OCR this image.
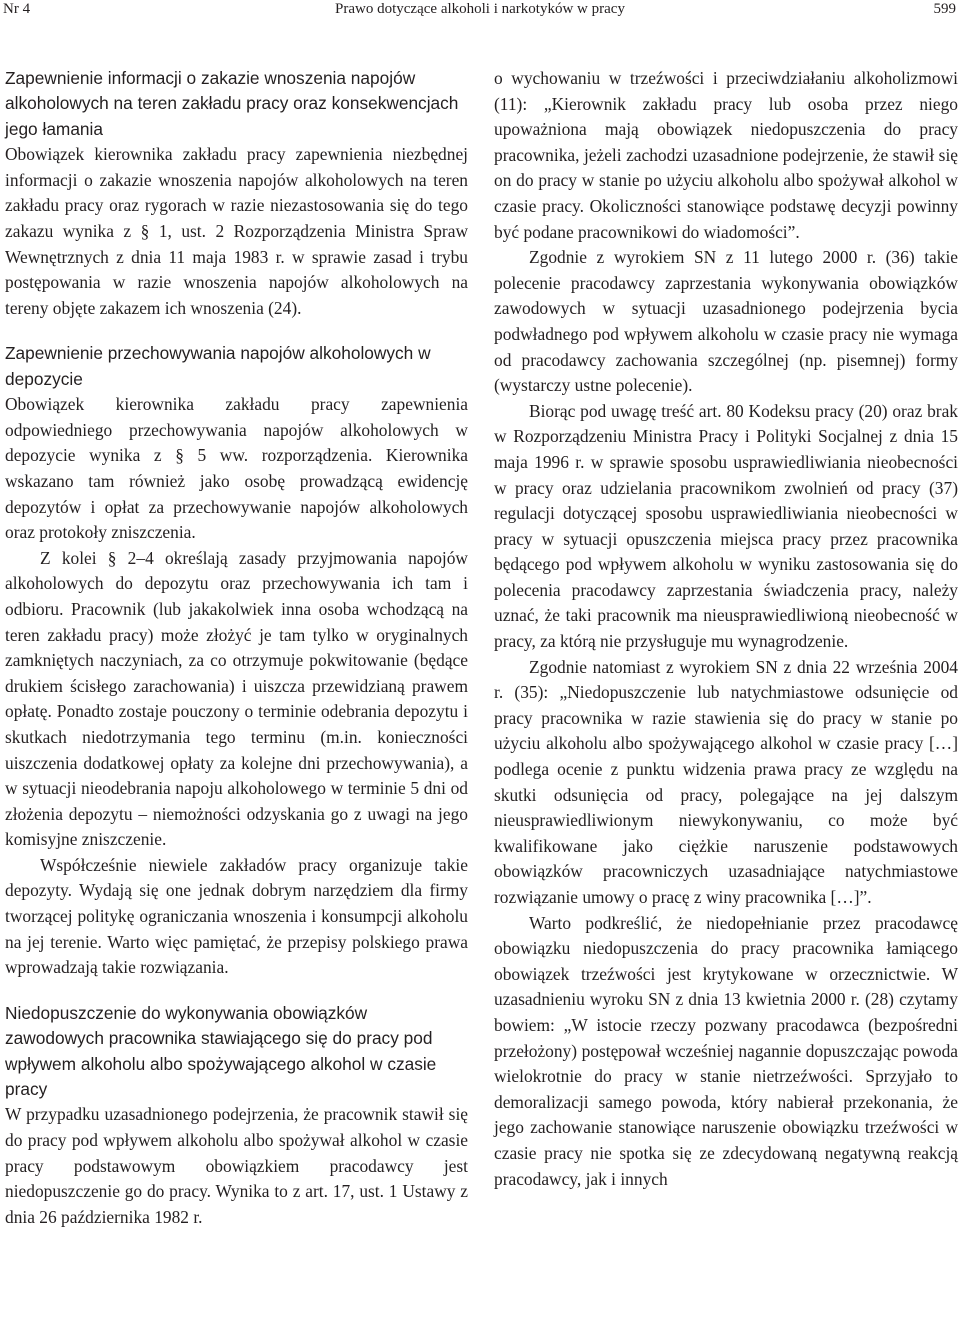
Nr 4	Prawo dotyczące alkoholi i narkotyków w pracy	599
Zapewnienie informacji o zakazie wnoszenia napojów alkoholowych na teren zakładu pracy oraz konsekwencjach jego łamania

Obowiązek kierownika zakładu pracy zapewnienia niezbędnej informacji o zakazie wnoszenia napojów alkoholowych na teren zakładu pracy oraz rygorach w razie niezastosowania się do tego zakazu wynika z § 1, ust. 2 Rozporządzenia Ministra Spraw Wewnętrznych z dnia 11 maja 1983 r. w sprawie zasad i trybu postępowania w razie wnoszenia napojów alkoholowych na tereny objęte zakazem ich wnoszenia (24).

Zapewnienie przechowywania napojów alkoholowych w depozycie

Obowiązek kierownika zakładu pracy zapewnienia odpowiedniego przechowywania napojów alkoholowych w depozycie wynika z § 5 ww. rozporządzenia. Kierownika wskazano tam również jako osobę prowadzącą ewidencję depozytów i opłat za przechowywanie napojów alkoholowych oraz protokoły zniszczenia.

Z kolei § 2–4 określają zasady przyjmowania napojów alkoholowych do depozytu oraz przechowywania ich tam i odbioru. Pracownik (lub jakakolwiek inna osoba wchodzącą na teren zakładu pracy) może złożyć je tam tylko w oryginalnych zamkniętych naczyniach, za co otrzymuje pokwitowanie (będące drukiem ścisłego zarachowania) i uiszcza przewidzianą prawem opłatę. Ponadto zostaje pouczony o terminie odebrania depozytu i skutkach niedotrzymania tego terminu (m.in. konieczności uiszczenia dodatkowej opłaty za kolejne dni przechowywania), a w sytuacji nieodebrania napoju alkoholowego w terminie 5 dni od złożenia depozytu – niemożności odzyskania go z uwagi na jego komisyjne zniszczenie.

Współcześnie niewiele zakładów pracy organizuje takie depozyty. Wydają się one jednak dobrym narzędziem dla firmy tworzącej politykę ograniczania wnoszenia i konsumpcji alkoholu na jej terenie. Warto więc pamiętać, że przepisy polskiego prawa wprowadzają takie rozwiązania.

Niedopuszczenie do wykonywania obowiązków zawodowych pracownika stawiającego się do pracy pod wpływem alkoholu albo spożywającego alkohol w czasie pracy

W przypadku uzasadnionego podejrzenia, że pracownik stawił się do pracy pod wpływem alkoholu albo spożywał alkohol w czasie pracy podstawowym obowiązkiem pracodawcy jest niedopuszczenie go do pracy. Wynika to z art. 17, ust. 1 Ustawy z dnia 26 października 1982 r.

o wychowaniu w trzeźwości i przeciwdziałaniu alkoholizmowi (11): „Kierownik zakładu pracy lub osoba przez niego upoważniona mają obowiązek niedopuszczenia do pracy pracownika, jeżeli zachodzi uzasadnione podejrzenie, że stawił się on do pracy w stanie po użyciu alkoholu albo spożywał alkohol w czasie pracy. Okoliczności stanowiące podstawę decyzji powinny być podane pracownikowi do wiadomości”.

Zgodnie z wyrokiem SN z 11 lutego 2000 r. (36) takie polecenie pracodawcy zaprzestania wykonywania obowiązków zawodowych w sytuacji uzasadnionego podejrzenia bycia podwładnego pod wpływem alkoholu w czasie pracy nie wymaga od pracodawcy zachowania szczególnej (np. pisemnej) formy (wystarczy ustne polecenie).

Biorąc pod uwagę treść art. 80 Kodeksu pracy (20) oraz brak w Rozporządzeniu Ministra Pracy i Polityki Socjalnej z dnia 15 maja 1996 r. w sprawie sposobu usprawiedliwiania nieobecności w pracy oraz udzielania pracownikom zwolnień od pracy (37) regulacji dotyczącej sposobu usprawiedliwiania nieobecności w pracy w sytuacji opuszczenia miejsca pracy przez pracownika będącego pod wpływem alkoholu w wyniku zastosowania się do polecenia pracodawcy zaprzestania świadczenia pracy, należy uznać, że taki pracownik ma nieusprawiedliwioną nieobecność w pracy, za którą nie przysługuje mu wynagrodzenie.

Zgodnie natomiast z wyrokiem SN z dnia 22 września 2004 r. (35): „Niedopuszczenie lub natychmiastowe odsunięcie od pracy pracownika w razie stawienia się do pracy w stanie po użyciu alkoholu albo spożywającego alkohol w czasie pracy […] podlega ocenie z punktu widzenia prawa pracy ze względu na skutki odsunięcia od pracy, polegające na jej dalszym nieusprawiedliwionym niewykonywaniu, co może być kwalifikowane jako ciężkie naruszenie podstawowych obowiązków pracowniczych uzasadniające natychmiastowe rozwiązanie umowy o pracę z winy pracownika […]”.

Warto podkreślić, że niedopełnianie przez pracodawcę obowiązku niedopuszczenia do pracy pracownika łamiącego obowiązek trzeźwości jest krytykowane w orzecznictwie. W uzasadnieniu wyroku SN z dnia 13 kwietnia 2000 r. (28) czytamy bowiem: „W istocie rzeczy pozwany pracodawca (bezpośredni przełożony) postępował wcześniej nagannie dopuszczając powoda wielokrotnie do pracy w stanie nietrzeźwości. Sprzyjało to demoralizacji samego powoda, który nabierał przekonania, że jego zachowanie stanowiące naruszenie obowiązku trzeźwości w czasie pracy nie spotka się ze zdecydowaną negatywną reakcją pracodawcy, jak i innych
